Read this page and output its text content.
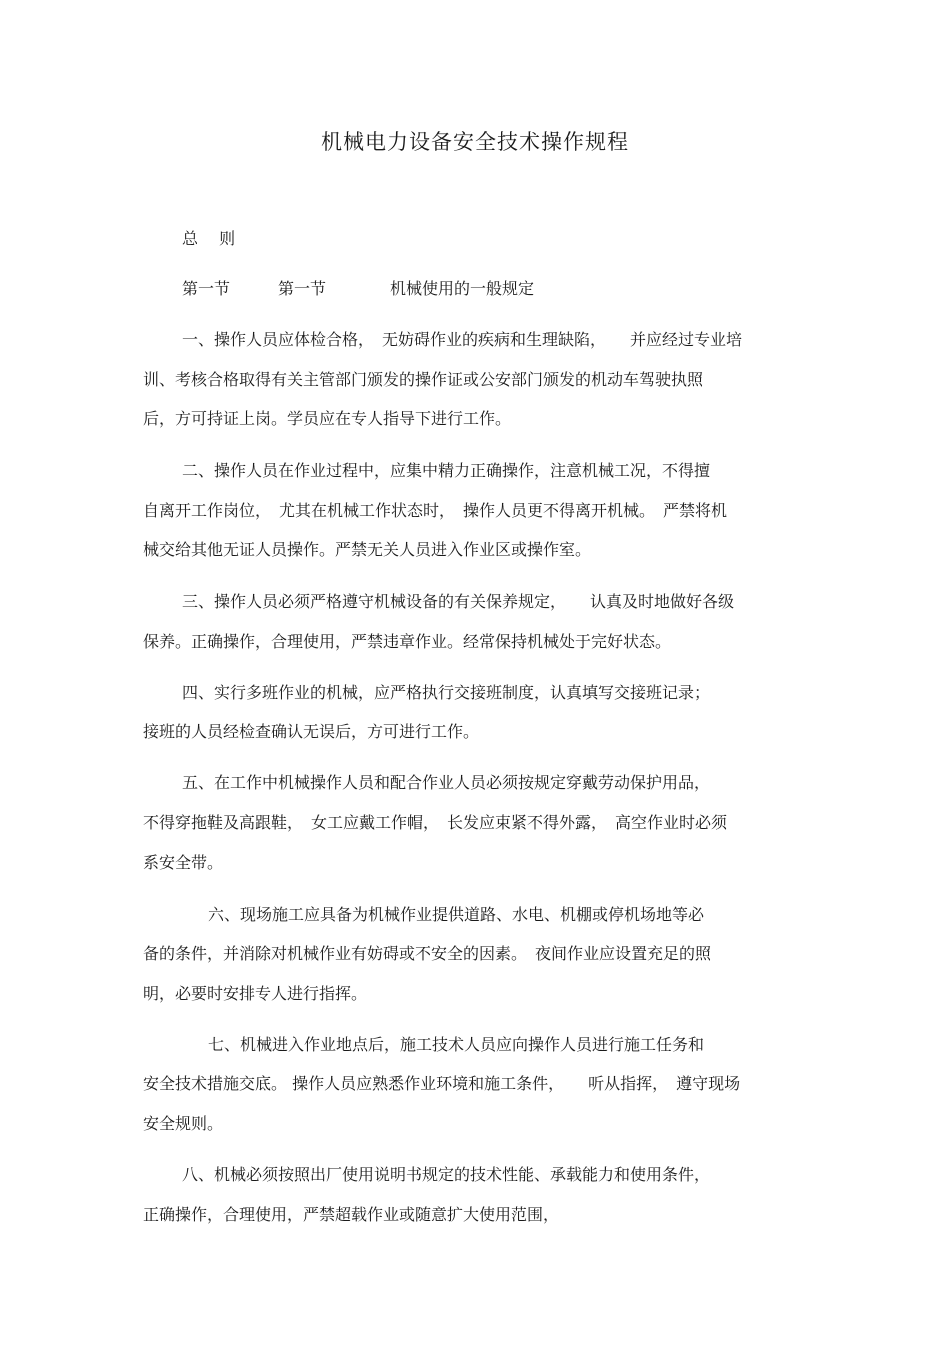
机械电力设备安全技术操作规程
总　 则
第一节　　　第一节　　　　机械使用的一般规定
一、操作人员应体检合格，　无妨碍作业的疾病和生理缺陷，　　并应经过专业培
训、考核合格取得有关主管部门颁发的操作证或公安部门颁发的机动车驾驶执照
后，方可持证上岗。学员应在专人指导下进行工作。
二、操作人员在作业过程中，应集中精力正确操作，注意机械工况，不得擅
自离开工作岗位，　尤其在机械工作状态时，　操作人员更不得离开机械。　严禁将机
械交给其他无证人员操作。严禁无关人员进入作业区或操作室。
三、操作人员必须严格遵守机械设备的有关保养规定，　　认真及时地做好各级
保养。正确操作，合理使用，严禁违章作业。经常保持机械处于完好状态。
四、实行多班作业的机械，应严格执行交接班制度，认真填写交接班记录；
接班的人员经检查确认无误后，方可进行工作。
五、在工作中机械操作人员和配合作业人员必须按规定穿戴劳动保护用品，
不得穿拖鞋及高跟鞋，　女工应戴工作帽，　长发应束紧不得外露，　高空作业时必须
系安全带。
六、现场施工应具备为机械作业提供道路、水电、机棚或停机场地等必
备的条件，并消除对机械作业有妨碍或不安全的因素。　夜间作业应设置充足的照
明，必要时安排专人进行指挥。
七、机械进入作业地点后，施工技术人员应向操作人员进行施工任务和
安全技术措施交底。 操作人员应熟悉作业环境和施工条件，　　听从指挥，　遵守现场
安全规则。
八、机械必须按照出厂使用说明书规定的技术性能、承载能力和使用条件，
正确操作，合理使用，严禁超载作业或随意扩大使用范围，
